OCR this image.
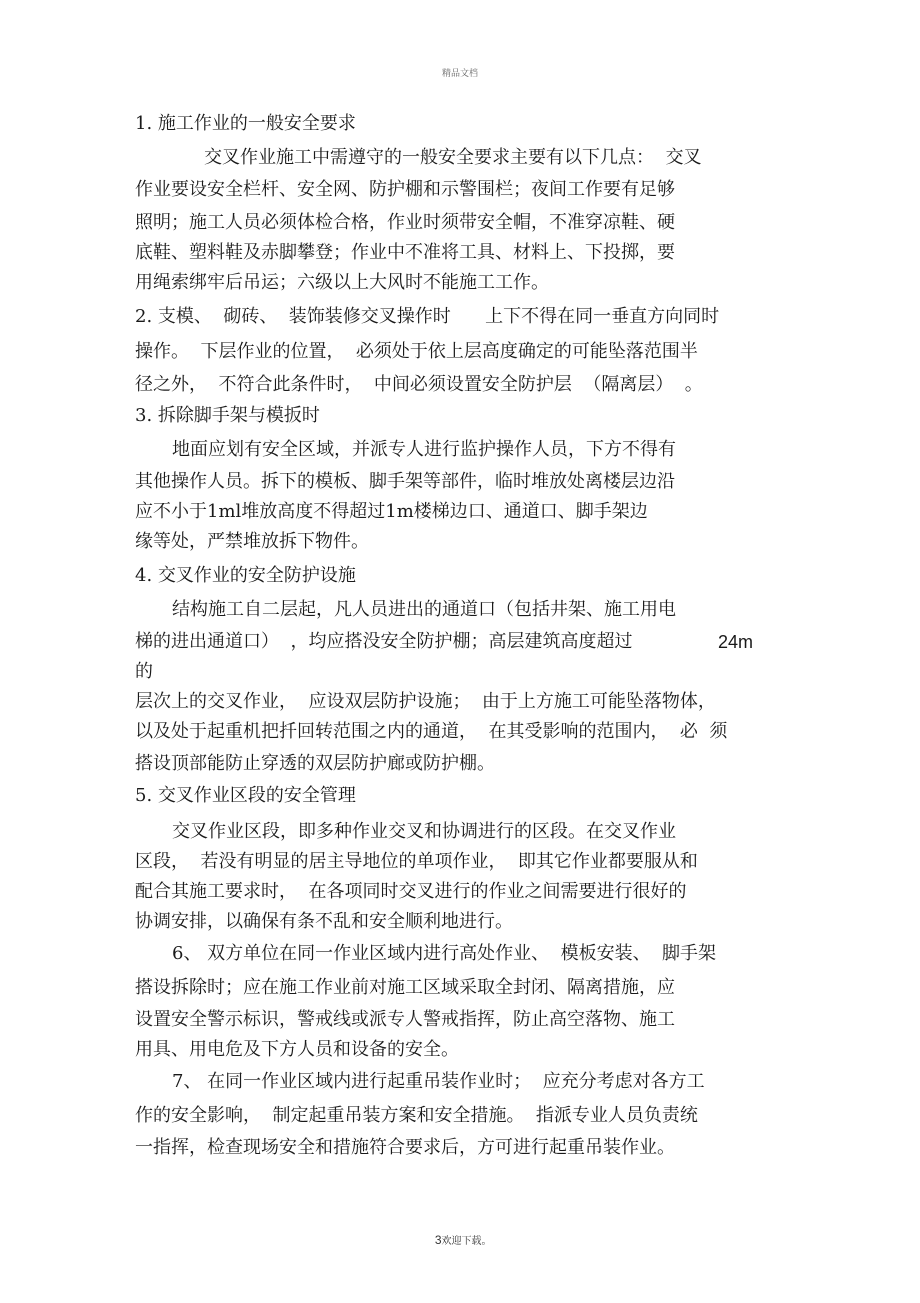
精品文档
1. 施工作业的一般安全要求
交叉作业施工中需遵守的一般安全要求主要有以下几点：  交叉
作业要设安全栏杆、安全网、防护棚和示警围栏；夜间工作要有足够
照明；施工人员必须体检合格，作业时须带安全帽，不准穿凉鞋、硬
底鞋、塑料鞋及赤脚攀登；作业中不准将工具、材料上、下投掷，要
用绳索绑牢后吊运；六级以上大风时不能施工工作。
2. 支模、  砌砖、  装饰装修交叉操作时      上下不得在同一垂直方向同时
操作。  下层作业的位置，  必须处于依上层高度确定的可能坠落范围半
径之外，  不符合此条件时，  中间必须设置安全防护层  （隔离层）  。
3. 拆除脚手架与模扳时
地面应划有安全区域，并派专人进行监护操作人员，下方不得有
其他操作人员。拆下的模板、脚手架等部件，临时堆放处离楼层边沿
应不小于1ml堆放高度不得超过1m楼梯边口、通道口、脚手架边
缘等处，严禁堆放拆下物件。
4. 交叉作业的安全防护设施
结构施工自二层起，凡人员进出的通道口（包括井架、施工用电
梯的进出通道口）  ，均应搭没安全防护棚；高层建筑高度超过	24m
的
层次上的交叉作业，  应设双层防护设施；  由于上方施工可能坠落物体，
以及处于起重机把扦回转范围之内的通道，  在其受影响的范围内，  必  须
搭设顶部能防止穿透的双层防护廊或防护棚。
5. 交叉作业区段的安全管理
交叉作业区段，即多种作业交叉和协调进行的区段。在交叉作业
区段，  若没有明显的居主导地位的单项作业，  即其它作业都要服从和
配合其施工要求时，  在各项同时交叉进行的作业之间需要进行很好的
协调安排，以确保有条不乱和安全顺利地进行。
6、 双方单位在同一作业区域内进行高处作业、  模板安装、  脚手架
搭设拆除时；应在施工作业前对施工区域采取全封闭、隔离措施，应
设置安全警示标识，警戒线或派专人警戒指挥，防止高空落物、施工
用具、用电危及下方人员和设备的安全。
7、 在同一作业区域内进行起重吊装作业时；  应充分考虑对各方工
作的安全影响，  制定起重吊装方案和安全措施。  指派专业人员负责统
一指挥，检查现场安全和措施符合要求后，方可进行起重吊装作业。

3欢迎下载。
